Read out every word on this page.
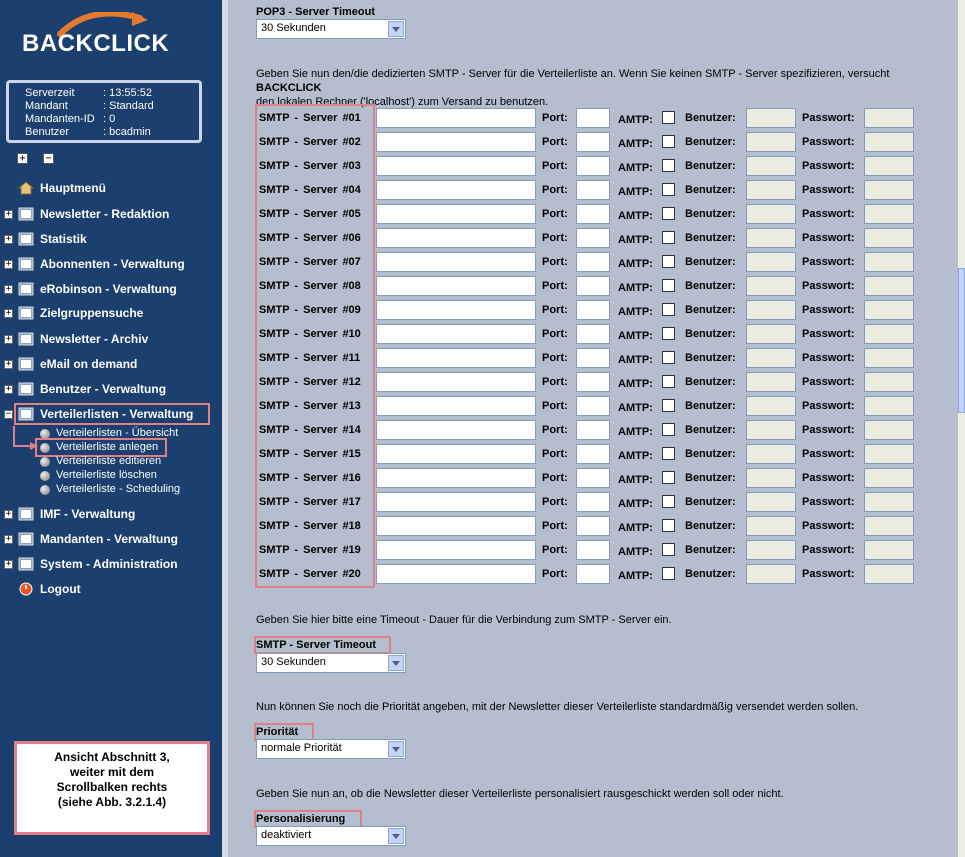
BACKCLICK
Serverzeit	: 13:55:52
Mandant	: Standard
Mandanten-ID : 0
Benutzer	: bcadmin
+ −
Hauptmenü
+ Newsletter - Redaktion
+ Statistik
+ Abonnenten - Verwaltung
+ eRobinson - Verwaltung
+ Zielgruppensuche
+ Newsletter - Archiv
+ eMail on demand
+ Benutzer - Verwaltung
− Verteilerlisten - Verwaltung
Verteilerlisten - Übersicht
Verteilerliste anlegen
Verteilerliste editieren
Verteilerliste löschen
Verteilerliste - Scheduling
+ IMF - Verwaltung
+ Mandanten - Verwaltung
+ System - Administration
Logout
Ansicht Abschnitt 3,
weiter mit dem
Scrollbalken rechts
(siehe Abb. 3.2.1.4)
POP3 - Server Timeout
30 Sekunden
Geben Sie nun den/die dedizierten SMTP - Server für die Verteilerliste an. Wenn Sie keinen SMTP - Server spezifizieren, versucht BACKCLICK
den lokalen Rechner ('localhost') zum Versand zu benutzen.
SMTP - Server #01	Port:	AMTP:	Benutzer:	Passwort:
SMTP - Server #02	Port:	AMTP:	Benutzer:	Passwort:
SMTP - Server #03	Port:	AMTP:	Benutzer:	Passwort:
SMTP - Server #04	Port:	AMTP:	Benutzer:	Passwort:
SMTP - Server #05	Port:	AMTP:	Benutzer:	Passwort:
SMTP - Server #06	Port:	AMTP:	Benutzer:	Passwort:
SMTP - Server #07	Port:	AMTP:	Benutzer:	Passwort:
SMTP - Server #08	Port:	AMTP:	Benutzer:	Passwort:
SMTP - Server #09	Port:	AMTP:	Benutzer:	Passwort:
SMTP - Server #10	Port:	AMTP:	Benutzer:	Passwort:
SMTP - Server #11	Port:	AMTP:	Benutzer:	Passwort:
SMTP - Server #12	Port:	AMTP:	Benutzer:	Passwort:
SMTP - Server #13	Port:	AMTP:	Benutzer:	Passwort:
SMTP - Server #14	Port:	AMTP:	Benutzer:	Passwort:
SMTP - Server #15	Port:	AMTP:	Benutzer:	Passwort:
SMTP - Server #16	Port:	AMTP:	Benutzer:	Passwort:
SMTP - Server #17	Port:	AMTP:	Benutzer:	Passwort:
SMTP - Server #18	Port:	AMTP:	Benutzer:	Passwort:
SMTP - Server #19	Port:	AMTP:	Benutzer:	Passwort:
SMTP - Server #20	Port:	AMTP:	Benutzer:	Passwort:
Geben Sie hier bitte eine Timeout - Dauer für die Verbindung zum SMTP - Server ein.
SMTP - Server Timeout
30 Sekunden
Nun können Sie noch die Priorität angeben, mit der Newsletter dieser Verteilerliste standardmäßig versendet werden sollen.
Priorität
normale Priorität
Geben Sie nun an, ob die Newsletter dieser Verteilerliste personalisiert rausgeschickt werden soll oder nicht.
Personalisierung
deaktiviert
